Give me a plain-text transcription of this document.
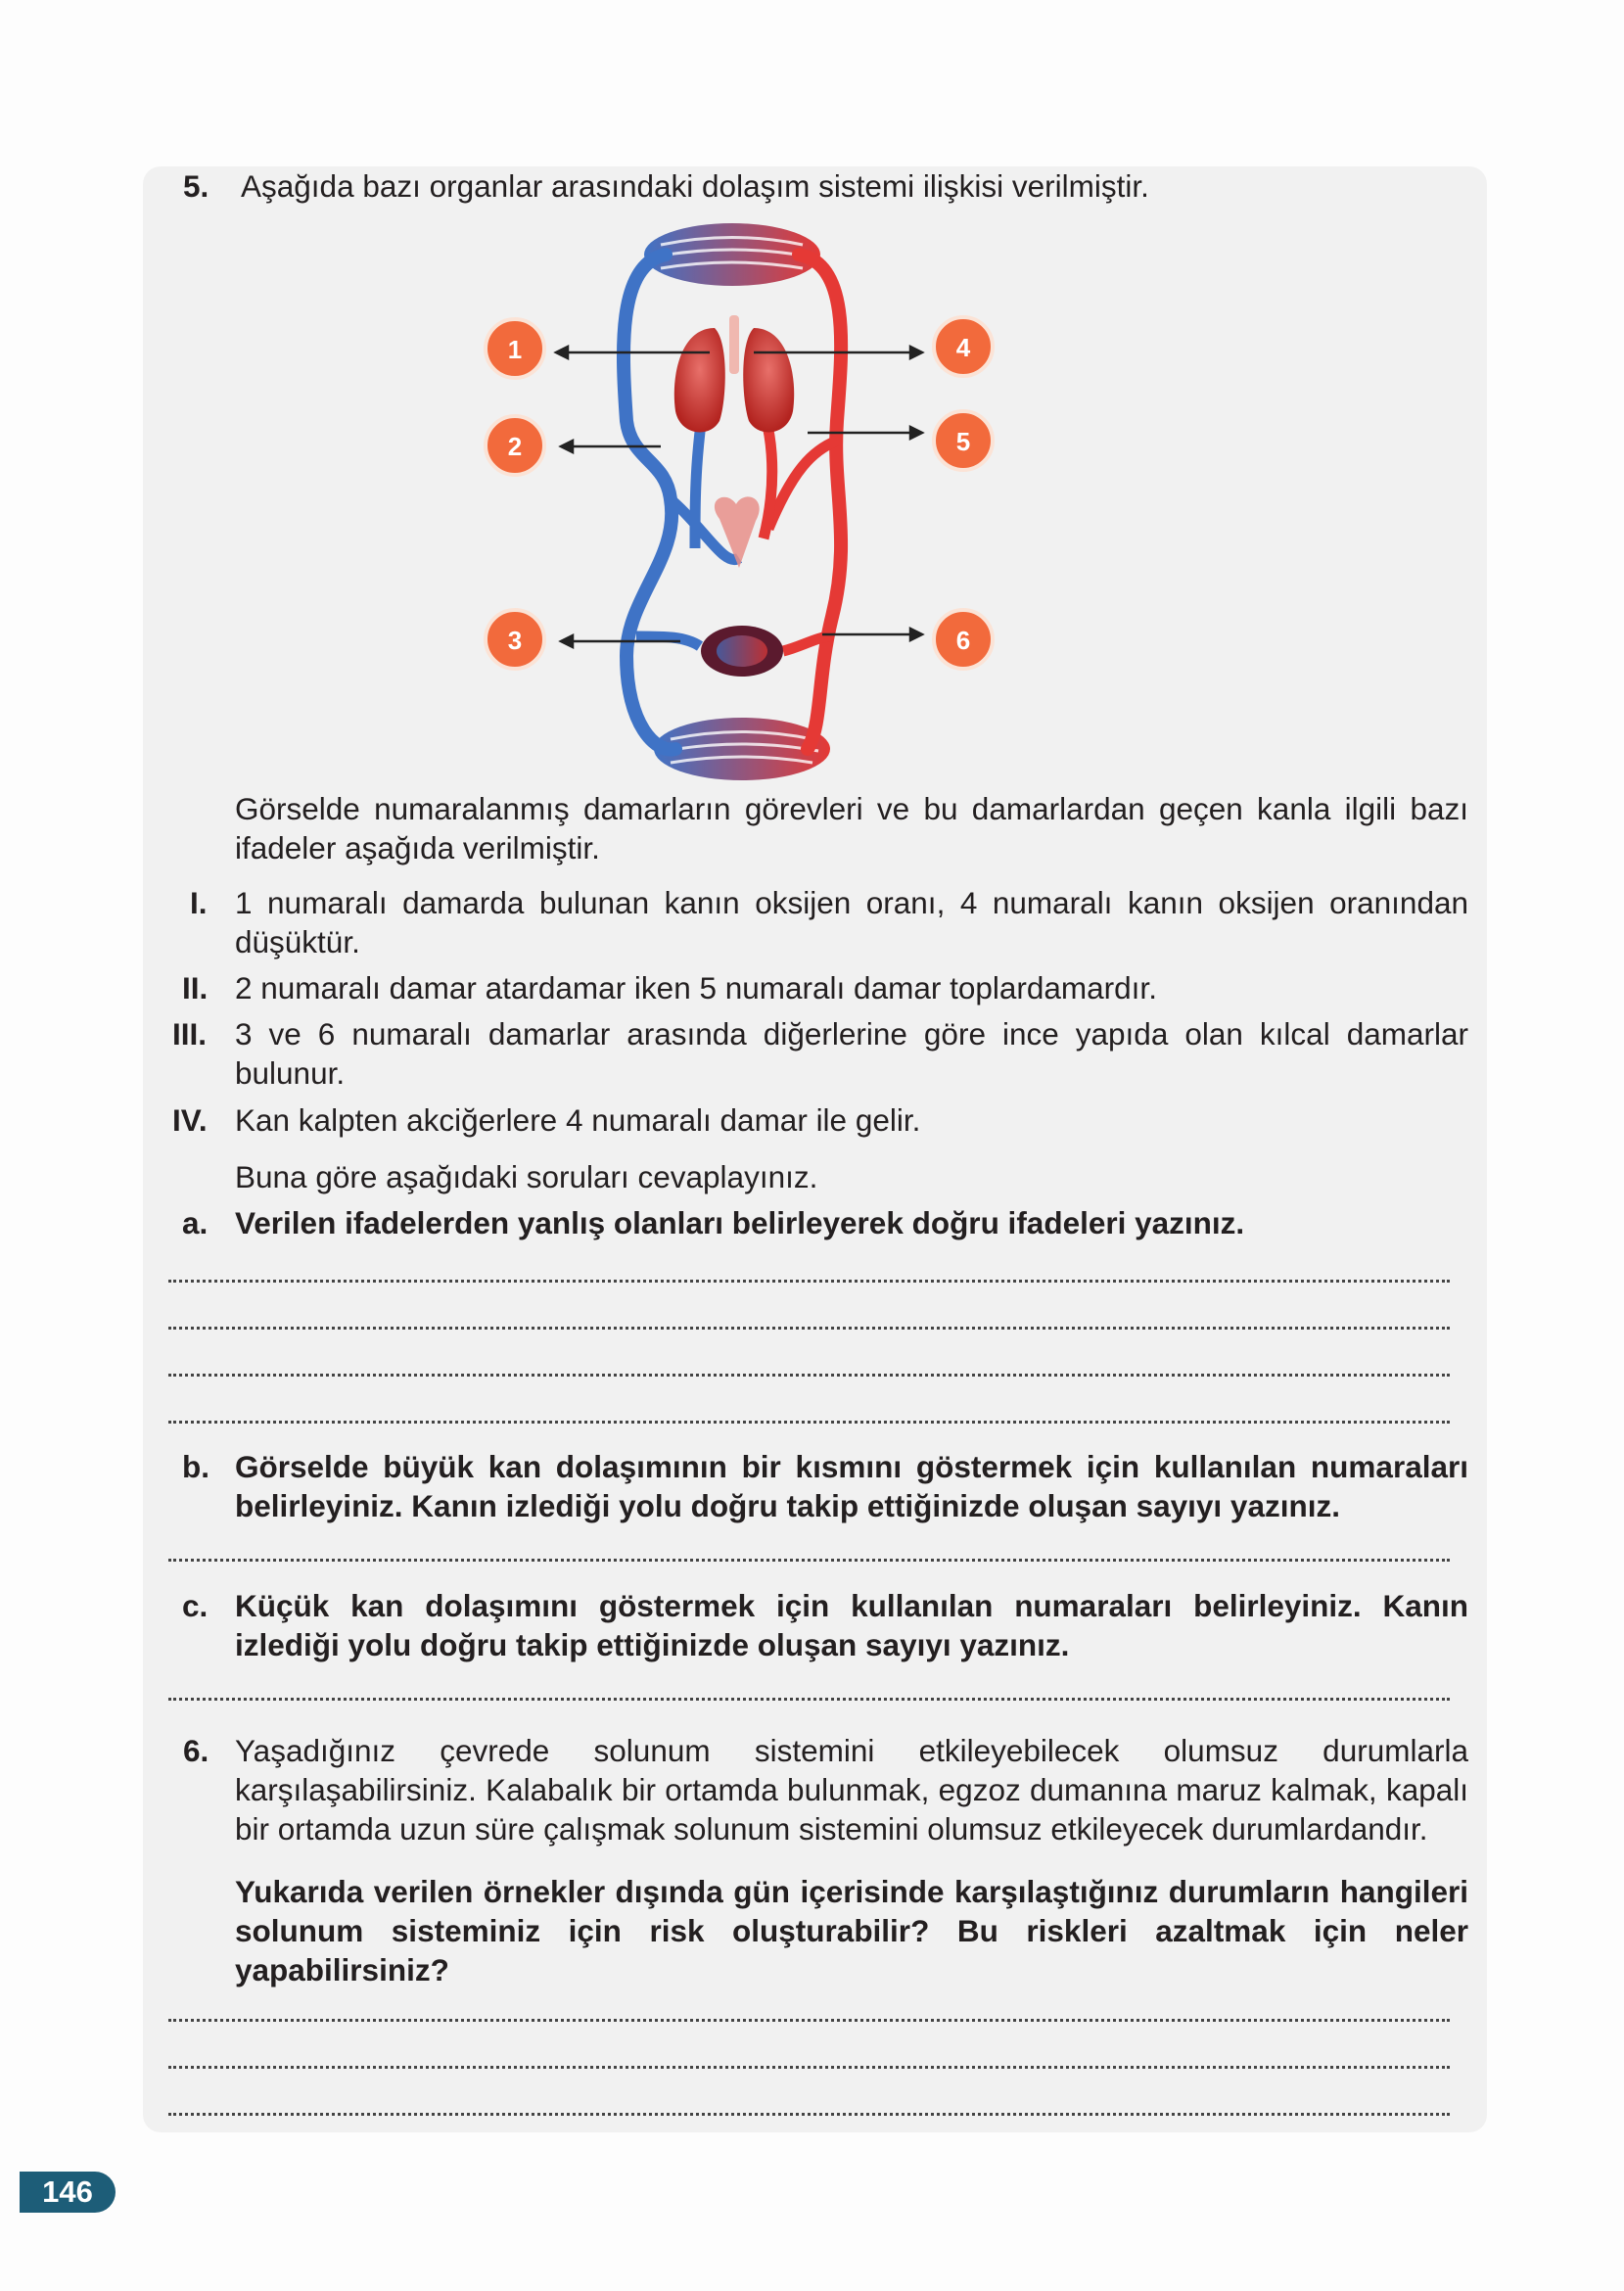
5. Aşağıda bazı organlar arasındaki dolaşım sistemi ilişkisi verilmiştir.
1
2
3
4
5
6
Görselde numaralanmış damarların görevleri ve bu damarlardan geçen kanla ilgili bazı ifadeler aşağıda verilmiştir.
I. 1 numaralı damarda bulunan kanın oksijen oranı, 4 numaralı kanın oksijen oranından düşüktür.
II. 2 numaralı damar atardamar iken 5 numaralı damar toplardamardır.
III. 3 ve 6 numaralı damarlar arasında diğerlerine göre ince yapıda olan kılcal damarlar bulunur.
IV. Kan kalpten akciğerlere 4 numaralı damar ile gelir.
Buna göre aşağıdaki soruları cevaplayınız.
a. Verilen ifadelerden yanlış olanları belirleyerek doğru ifadeleri yazınız.
b. Görselde büyük kan dolaşımının bir kısmını göstermek için kullanılan numaraları belirleyiniz. Kanın izlediği yolu doğru takip ettiğinizde oluşan sayıyı yazınız.
c. Küçük kan dolaşımını göstermek için kullanılan numaraları belirleyiniz. Kanın izlediği yolu doğru takip ettiğinizde oluşan sayıyı yazınız.
6. Yaşadığınız çevrede solunum sistemini etkileyebilecek olumsuz durumlarla karşılaşabilirsiniz. Kalabalık bir ortamda bulunmak, egzoz dumanına maruz kalmak, kapalı bir ortamda uzun süre çalışmak solunum sistemini olumsuz etkileyecek durumlardandır.
Yukarıda verilen örnekler dışında gün içerisinde karşılaştığınız durumların hangileri solunum sisteminiz için risk oluşturabilir? Bu riskleri azaltmak için neler yapabilirsiniz?
146
